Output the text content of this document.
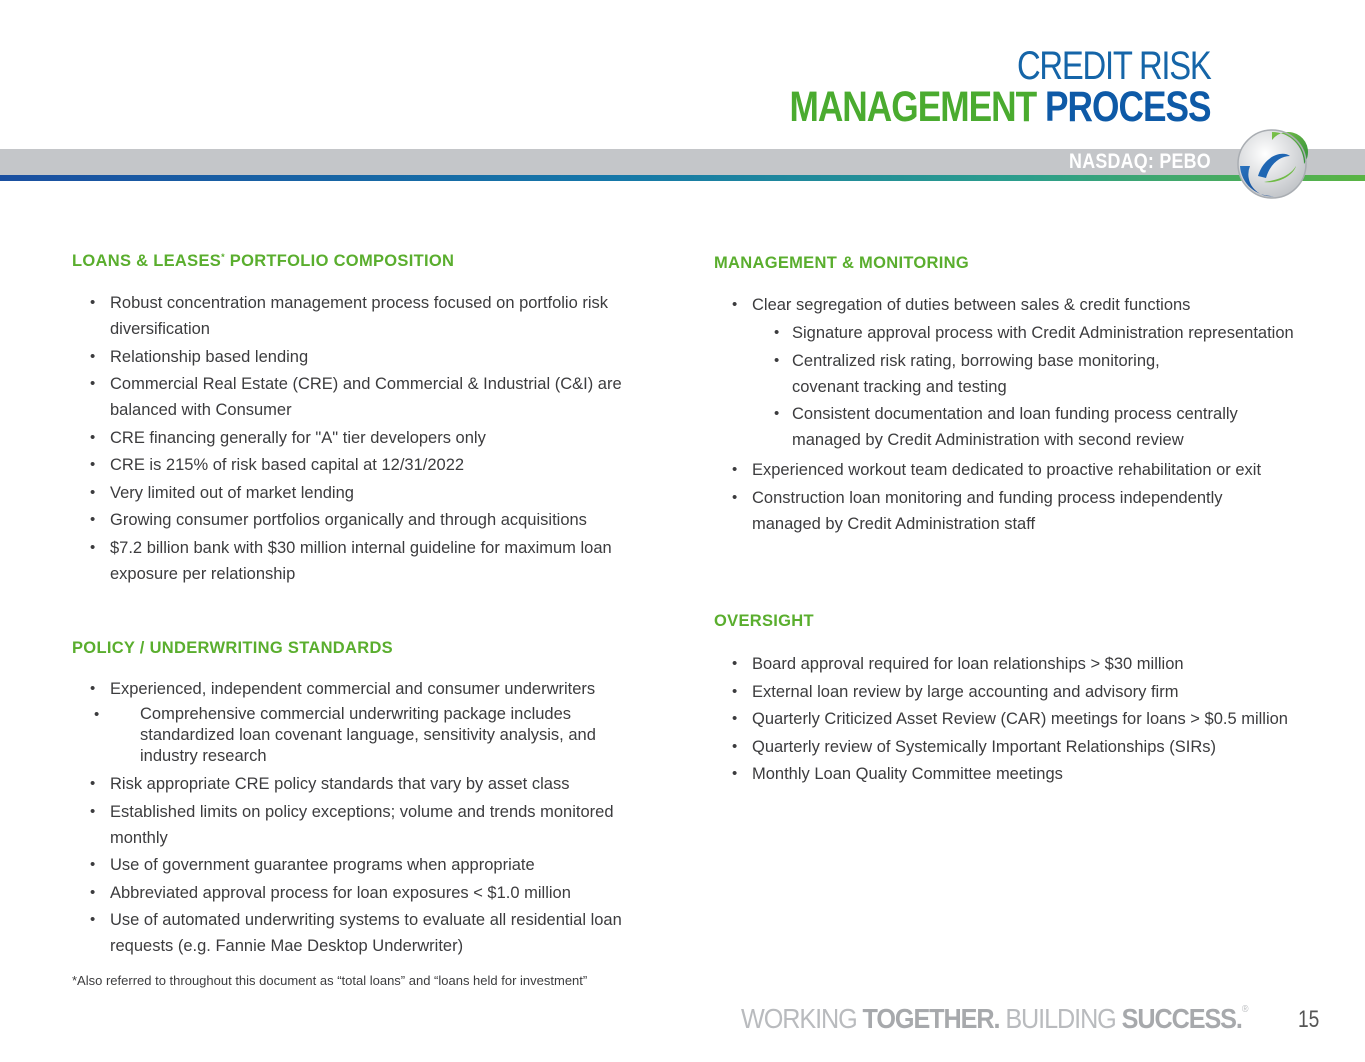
CREDIT RISK
MANAGEMENT PROCESS
NASDAQ: PEBO
LOANS & LEASES* PORTFOLIO COMPOSITION
• Robust concentration management process focused on portfolio risk diversification
• Relationship based lending
• Commercial Real Estate (CRE) and Commercial & Industrial (C&I) are balanced with Consumer
• CRE financing generally for "A" tier developers only
• CRE is 215% of risk based capital at 12/31/2022
• Very limited out of market lending
• Growing consumer portfolios organically and through acquisitions
• $7.2 billion bank with $30 million internal guideline for maximum loan exposure per relationship
POLICY / UNDERWRITING STANDARDS
• Experienced, independent commercial and consumer underwriters
• Comprehensive commercial underwriting package includes standardized loan covenant language, sensitivity analysis, and industry research
• Risk appropriate CRE policy standards that vary by asset class
• Established limits on policy exceptions; volume and trends monitored monthly
• Use of government guarantee programs when appropriate
• Abbreviated approval process for loan exposures < $1.0 million
• Use of automated underwriting systems to evaluate all residential loan requests (e.g. Fannie Mae Desktop Underwriter)
MANAGEMENT & MONITORING
• Clear segregation of duties between sales & credit functions
• Signature approval process with Credit Administration representation
• Centralized risk rating, borrowing base monitoring, covenant tracking and testing
• Consistent documentation and loan funding process centrally managed by Credit Administration with second review
• Experienced workout team dedicated to proactive rehabilitation or exit
• Construction loan monitoring and funding process independently managed by Credit Administration staff
OVERSIGHT
• Board approval required for loan relationships > $30 million
• External loan review by large accounting and advisory firm
• Quarterly Criticized Asset Review (CAR) meetings for loans > $0.5 million
• Quarterly review of Systemically Important Relationships (SIRs)
• Monthly Loan Quality Committee meetings
*Also referred to throughout this document as “total loans” and “loans held for investment”
WORKING TOGETHER. BUILDING SUCCESS.® 15
